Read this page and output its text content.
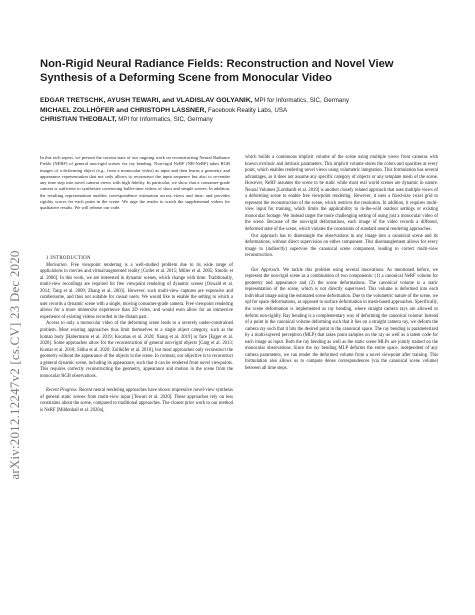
arXiv:2012.12247v2 [cs.CV] 23 Dec 2020
Non-Rigid Neural Radiance Fields: Reconstruction and Novel View Synthesis of a Deforming Scene from Monocular Video
EDGAR TRETSCHK, AYUSH TEWARI, and VLADISLAV GOLYANIK, MPI for Informatics, SIC, Germany
MICHAEL ZOLLHÖFER and CHRISTOPH LASSNER, Facebook Reality Labs, USA
CHRISTIAN THEOBALT, MPI for Informatics, SIC, Germany

In this tech report, we present the current state of our ongoing work on reconstructing Neural Radiance Fields (NERF) of general non-rigid scenes via ray bending. Non-rigid NeRF (NR-NeRF) takes RGB images of a deforming object (e.g., from a monocular video) as input and then learns a geometry and appearance representation that not only allows to reconstruct the input sequence but also to re-render any time step into novel camera views with high fidelity. In particular, we show that a consumer-grade camera is sufficient to synthesize convincing bullet-time videos of short and simple scenes. In addition, the resulting representation enables correspondence estimation across views and time, and provides rigidity scores for each point in the scene. We urge the reader to watch the supplemental videos for qualitative results. We will release our code.

1 INTRODUCTION

Motivation. Free viewpoint rendering is a well-studied problem due to its wide range of applications in movies and virtual/augmented reality [Collet et al. 2015; Miller et al. 2005; Smolic et al. 2006]. In this work, we are interested in dynamic scenes, which change with time. Traditionally, multi-view recordings are required for free viewpoint rendering of dynamic scenes [Oswald et al. 2014; Tang et al. 2009; Zhang et al. 2003]. However, such multi-view captures are expensive and cumbersome, and thus not suitable for casual users. We would like to enable the setting in which a user records a dynamic scene with a single, moving consumer-grade camera. Free viewpoint rendering allows for a more immersive experience than 2D video, and would even allow for an immersive experience of existing videos recorded in the distant past.

Access to only a monocular video of the deforming scene leads to a severely under-constrained problem. Most existing approaches thus limit themselves to a single object category, such as the human body [Habermann et al. 2019; Kocabas et al. 2020; Xiang et al. 2019] or face [Egger et al. 2020]. Some approaches allow for the reconstruction of general non-rigid objects [Garg et al. 2013; Kumar et al. 2018; Sidhu et al. 2020; Zollhöfer et al. 2018], but most approaches only reconstruct the geometry without the appearance of the objects in the scene. In contrast, our objective is to reconstruct a general dynamic scene, including its appearance, such that it can be rendered from novel viewpoints. This requires correctly reconstructing the geometry, appearance and motion in the scene from the monocular RGB observations.

Recent Progress. Recent neural rendering approaches have shown impressive novel-view synthesis of general static scenes from multi-view input [Tewari et al. 2020]. These approaches rely on less constraints about the scene, compared to traditional approaches. The closest prior work to our method is NeRF [Mildenhall et al. 2020a],

which builds a continuous implicit volume of the scene using multiple views from cameras with known extrinsic and intrinsic parameters. This implicit volume stores the colors and opacities at every point, which enables rendering novel views using volumetric integration. This formulation has several advantages, as it does not assume any specific category of objects or any template mesh of the scene. However, NeRF assumes the scene to be static while most real world scenes are dynamic in nature. Neural Volumes [Lombardi et al. 2019] is another closely related approach that uses multiple views of a deforming scene to enable free viewpoint rendering. However, it uses a fixed-size voxel grid to represent the reconstruction of the scene, which restricts the resolution. In addition, it requires multi-view input for training, which limits the applicability to in-the-wild outdoor settings or existing monocular footage. We instead target the more challenging setting of using just a monocular video of the scene. Because of the non-rigid deformations, each image of the video records a different, deformed state of the scene, which violates the constraints of standard neural rendering approaches.

Our approach has to disentangle the observations in any image into a canonical scene and its deformations, without direct supervision on either component. This disentanglement allows for every image to (indirectly) supervise the canonical scene component, leading to correct multi-view reconstruction.

Our Approach. We tackle this problem using several innovations. As mentioned before, we represent the non-rigid scene as a combination of two components: (1) a canonical NeRF volume for geometry and appearance and (2) the scene deformations. The canonical volume is a static representation of the scene, which is not directly supervised. This volume is deformed into each individual image using the estimated scene deformation. Due to the volumetric nature of the scene, we opt for space deformations, as opposed to surface deformation in mesh-based approaches. Specifically, the scene deformation is implemented as ray bending, where straight camera rays are allowed to deform non-rigidly. Ray bending is a complementary way of deforming the canonical volume: Instead of a point in the canonical volume deforming such that it lies on a straight camera ray, we deform the camera ray such that it hits the desired point in the canonical space. The ray bending is parameterized by a multi-layered perceptron (MLP) that takes point samples on the ray as well as a latent code for each image as input. Both the ray bending as well as the static scene MLPs are jointly trained on the monocular observations. Since the ray bending MLP deforms the entire space, independent of any camera parameters, we can render the deformed volume from a novel viewpoint after training. This formulation also allows us to compute dense correspondences (via the canonical scene volume) between all time steps.
